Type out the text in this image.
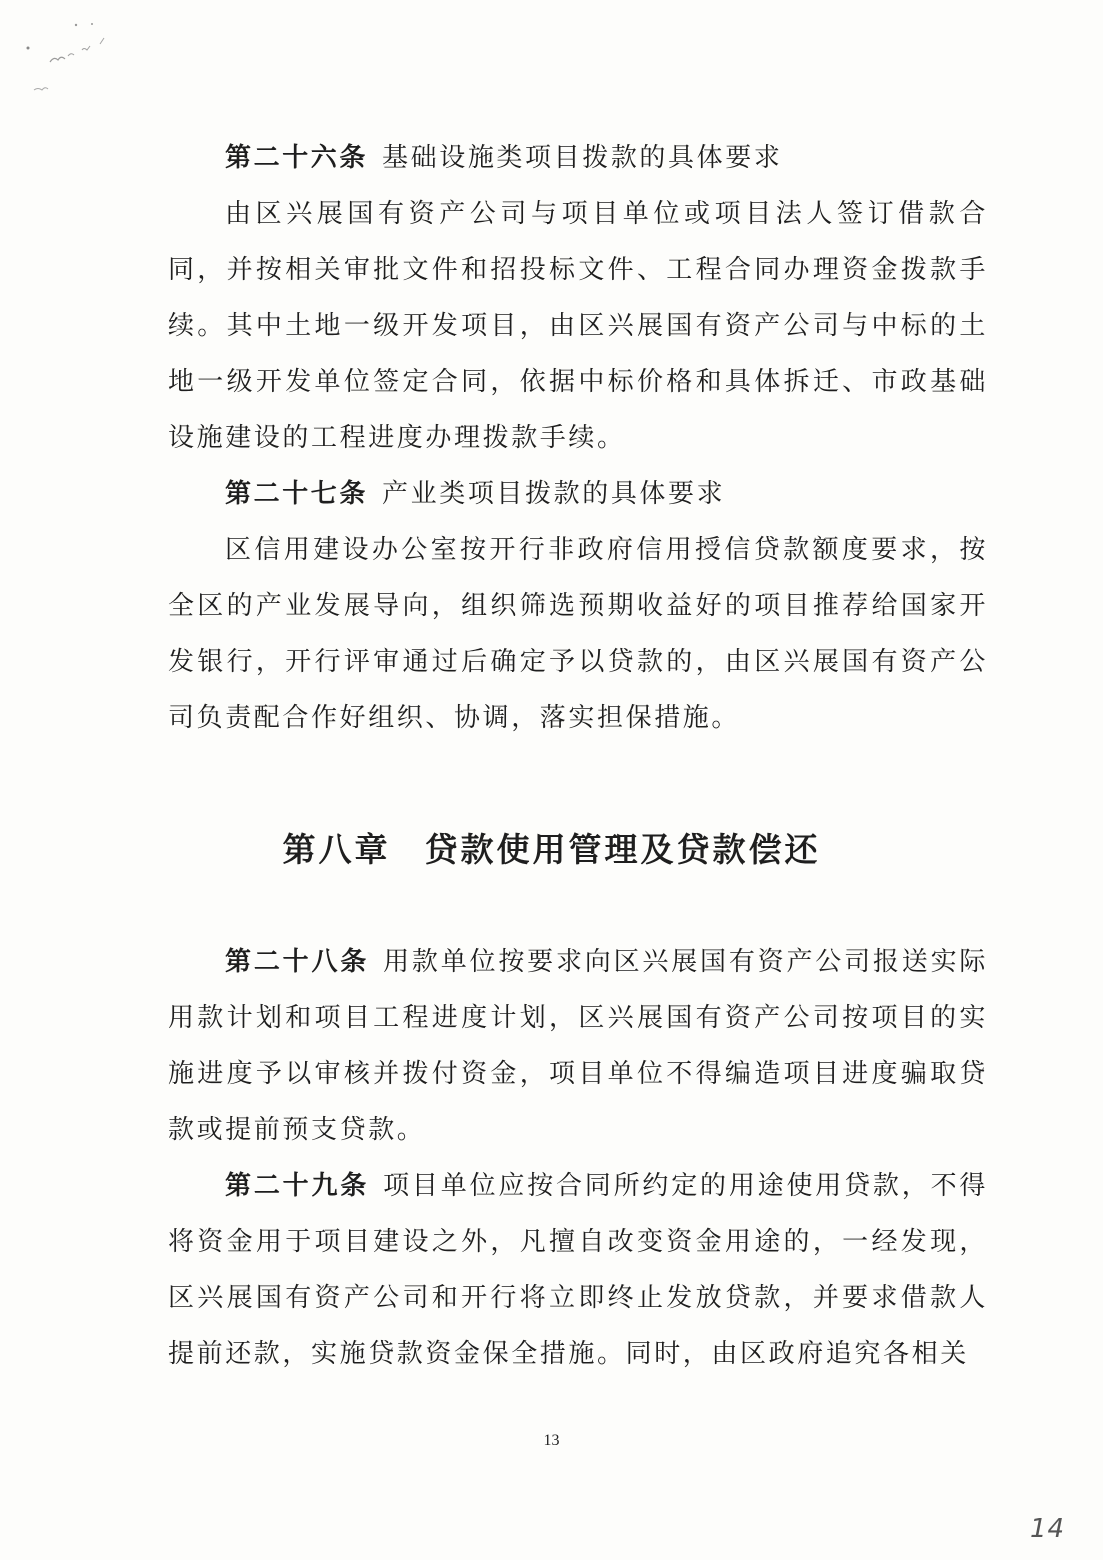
第二十六条 基础设施类项目拨款的具体要求

由区兴展国有资产公司与项目单位或项目法人签订借款合同，并按相关审批文件和招投标文件、工程合同办理资金拨款手续。其中土地一级开发项目，由区兴展国有资产公司与中标的土地一级开发单位签定合同，依据中标价格和具体拆迁、市政基础设施建设的工程进度办理拨款手续。

第二十七条 产业类项目拨款的具体要求

区信用建设办公室按开行非政府信用授信贷款额度要求，按全区的产业发展导向，组织筛选预期收益好的项目推荐给国家开发银行，开行评审通过后确定予以贷款的，由区兴展国有资产公司负责配合作好组织、协调，落实担保措施。

第八章 贷款使用管理及贷款偿还

第二十八条 用款单位按要求向区兴展国有资产公司报送实际用款计划和项目工程进度计划，区兴展国有资产公司按项目的实施进度予以审核并拨付资金，项目单位不得编造项目进度骗取贷款或提前预支贷款。

第二十九条 项目单位应按合同所约定的用途使用贷款，不得将资金用于项目建设之外，凡擅自改变资金用途的，一经发现，区兴展国有资产公司和开行将立即终止发放贷款，并要求借款人提前还款，实施贷款资金保全措施。同时，由区政府追究各相关

13
14
